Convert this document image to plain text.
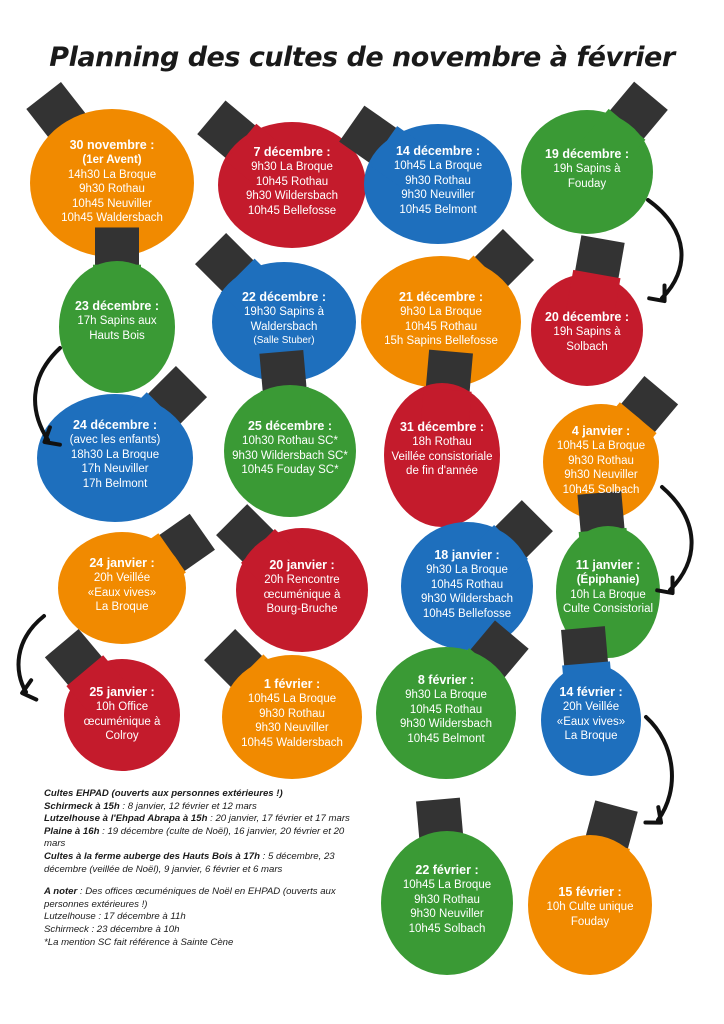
Planning des cultes de novembre à février
30 novembre :
(1er Avent)
14h30 La Broque
9h30 Rothau
10h45 Neuviller
10h45 Waldersbach
7 décembre :
9h30 La Broque
10h45 Rothau
9h30 Wildersbach
10h45 Bellefosse
14 décembre :
10h45 La Broque
9h30 Rothau
9h30 Neuviller
10h45 Belmont
19 décembre :
19h Sapins à
Fouday
23 décembre :
17h Sapins aux
Hauts Bois
22 décembre :
19h30 Sapins à
Waldersbach
(Salle Stuber)
21 décembre :
9h30 La Broque
10h45 Rothau
15h Sapins Bellefosse
20 décembre :
19h Sapins à
Solbach
24 décembre :
(avec les enfants)
18h30 La Broque
17h Neuviller
17h Belmont
25 décembre :
10h30 Rothau SC*
9h30 Wildersbach SC*
10h45 Fouday SC*
31 décembre :
18h Rothau
Veillée consistoriale
de fin d'année
4 janvier :
10h45 La Broque
9h30 Rothau
9h30 Neuviller
10h45 Solbach
24 janvier :
20h Veillée
«Eaux vives»
La Broque
20 janvier :
20h Rencontre
œcuménique à
Bourg-Bruche
18 janvier :
9h30 La Broque
10h45 Rothau
9h30 Wildersbach
10h45 Bellefosse
11 janvier :
(Épiphanie)
10h La Broque
Culte Consistorial
25 janvier :
10h Office
œcuménique à
Colroy
1 février :
10h45 La Broque
9h30 Rothau
9h30 Neuviller
10h45 Waldersbach
8 février :
9h30 La Broque
10h45 Rothau
9h30 Wildersbach
10h45 Belmont
14 février :
20h Veillée
«Eaux vives»
La Broque
22 février :
10h45 La Broque
9h30 Rothau
9h30 Neuviller
10h45 Solbach
15 février :
10h Culte unique
Fouday

Cultes EHPAD (ouverts aux personnes extérieures !)

Schirmeck à 15h : 8 janvier, 12 février et 12 mars

Lutzelhouse à l'Ehpad Abrapa à 15h : 20 janvier, 17 février et 17 mars

Plaine à 16h : 19 décembre (culte de Noël), 16 janvier, 20 février et 20 mars

Cultes à la ferme auberge des Hauts Bois à 17h : 5 décembre, 23 décembre (veillée de Noël), 9 janvier, 6 février et 6 mars

A noter : Des offices œcuméniques de Noël en EHPAD (ouverts aux personnes extérieures !)

Lutzelhouse : 17 décembre à 11h

Schirmeck : 23 décembre à 10h

*La mention SC fait référence à Sainte Cène
